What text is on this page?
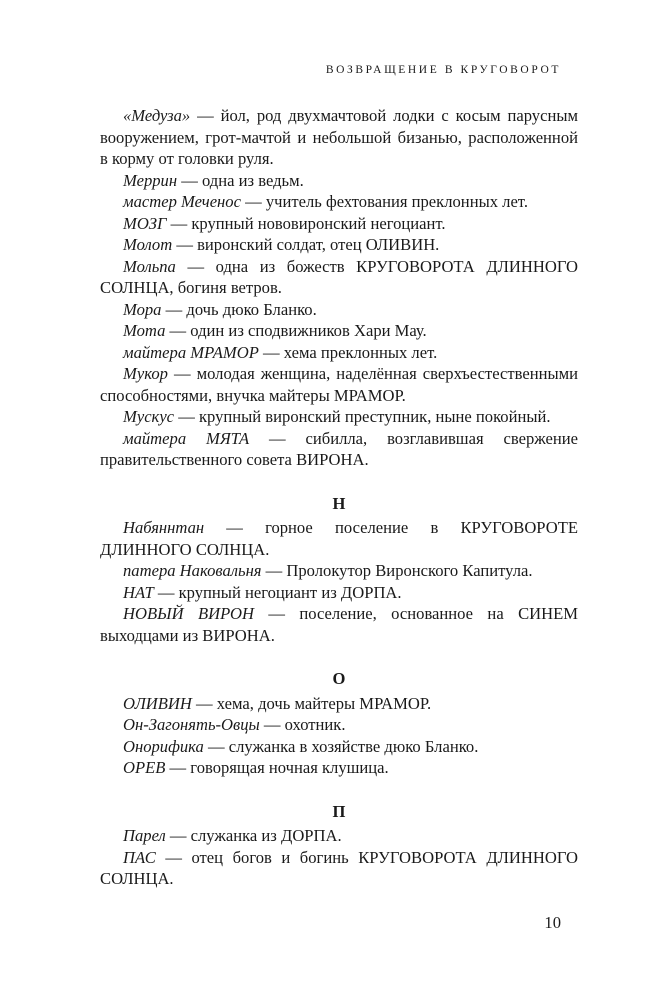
ВОЗВРАЩЕНИЕ В КРУГОВОРОТ

«Медуза» — йол, род двухмачтовой лодки с косым парусным вооружением, грот-мачтой и небольшой бизанью, расположенной в корму от головки руля.

Меррин — одна из ведьм.

мастер Меченос — учитель фехтования преклонных лет.

МОЗГ — крупный нововиронский негоциант.

Молот — виронский солдат, отец ОЛИВИН.

Мольпа — одна из божеств КРУГОВОРОТА ДЛИННОГО СОЛНЦА, богиня ветров.

Мора — дочь дюко Бланко.

Мота — один из сподвижников Хари Мау.

майтера МРАМОР — хема преклонных лет.

Мукор — молодая женщина, наделённая сверхъестественными способностями, внучка майтеры МРАМОР.

Мускус — крупный виронский преступник, ныне покойный.

майтера МЯТА — сибилла, возглавившая свержение правительственного совета ВИРОНА.

Н

Набяннтан — горное поселение в КРУГОВОРОТЕ ДЛИННОГО СОЛНЦА.

патера Наковальня — Пролокутор Виронского Капитула.

НАТ — крупный негоциант из ДОРПА.

НОВЫЙ ВИРОН — поселение, основанное на СИНЕМ выходцами из ВИРОНА.

О

ОЛИВИН — хема, дочь майтеры МРАМОР.

Он-Загонять-Овцы — охотник.

Онорифика — служанка в хозяйстве дюко Бланко.

ОРЕВ — говорящая ночная клушица.

П

Парел — служанка из ДОРПА.

ПАС — отец богов и богинь КРУГОВОРОТА ДЛИННОГО СОЛНЦА.

10
